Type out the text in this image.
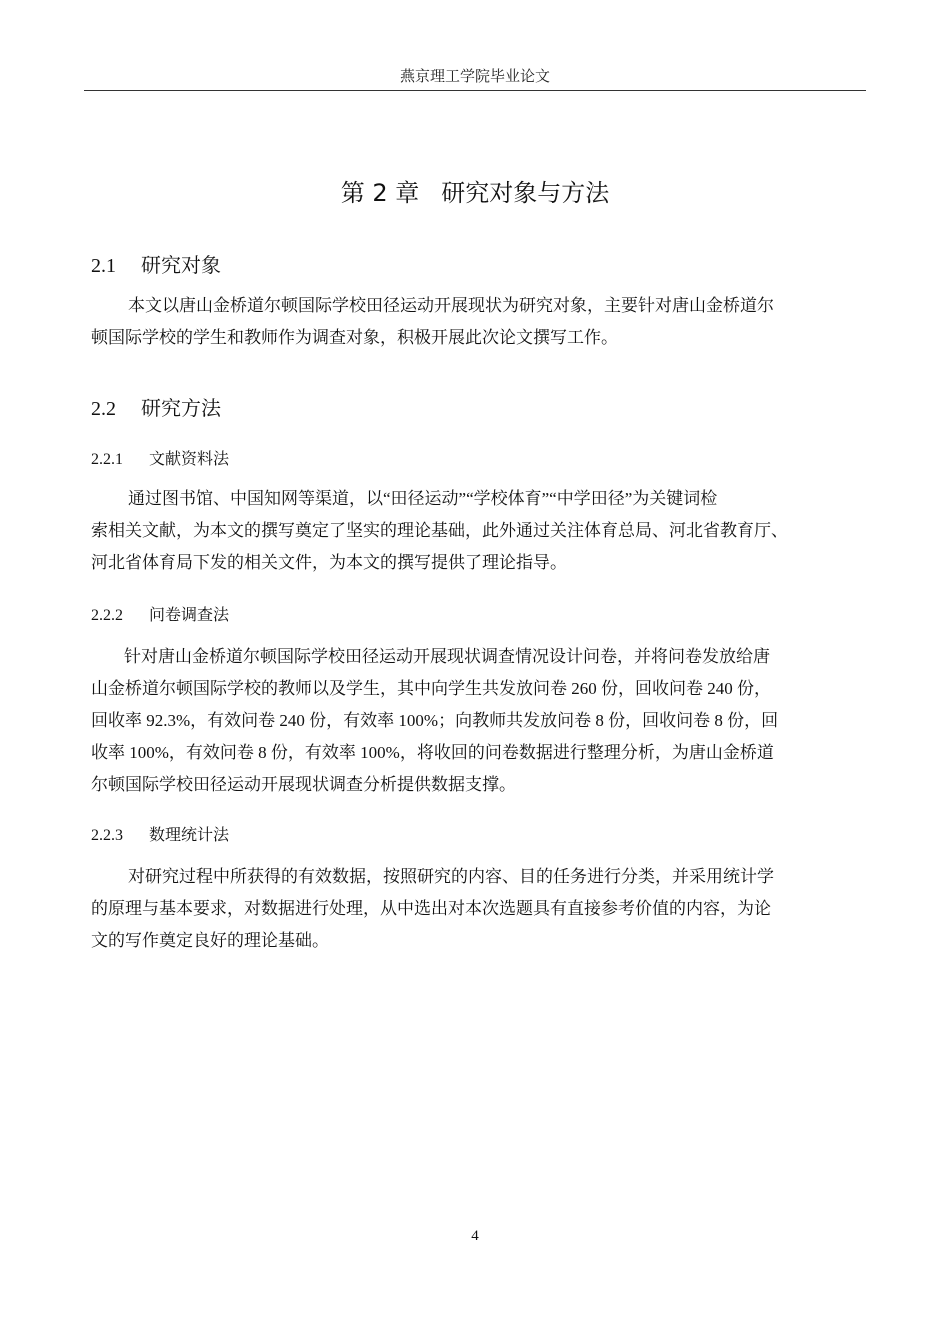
燕京理工学院毕业论文
第 2 章 研究对象与方法
2.1 研究对象
本文以唐山金桥道尔顿国际学校田径运动开展现状为研究对象，主要针对唐山金桥道尔
顿国际学校的学生和教师作为调查对象，积极开展此次论文撰写工作。
2.2 研究方法
2.2.1 文献资料法
通过图书馆、中国知网等渠道，以“田径运动”“学校体育”“中学田径”为关键词检
索相关文献，为本文的撰写奠定了坚实的理论基础，此外通过关注体育总局、河北省教育厅、
河北省体育局下发的相关文件，为本文的撰写提供了理论指导。
2.2.2 问卷调查法
针对唐山金桥道尔顿国际学校田径运动开展现状调查情况设计问卷，并将问卷发放给唐
山金桥道尔顿国际学校的教师以及学生，其中向学生共发放问卷 260 份，回收问卷 240 份，
回收率 92.3%，有效问卷 240 份，有效率 100%；向教师共发放问卷 8 份，回收问卷 8 份，回
收率 100%，有效问卷 8 份，有效率 100%，将收回的问卷数据进行整理分析，为唐山金桥道
尔顿国际学校田径运动开展现状调查分析提供数据支撑。
2.2.3 数理统计法
对研究过程中所获得的有效数据，按照研究的内容、目的任务进行分类，并采用统计学
的原理与基本要求，对数据进行处理，从中选出对本次选题具有直接参考价值的内容，为论
文的写作奠定良好的理论基础。
4
